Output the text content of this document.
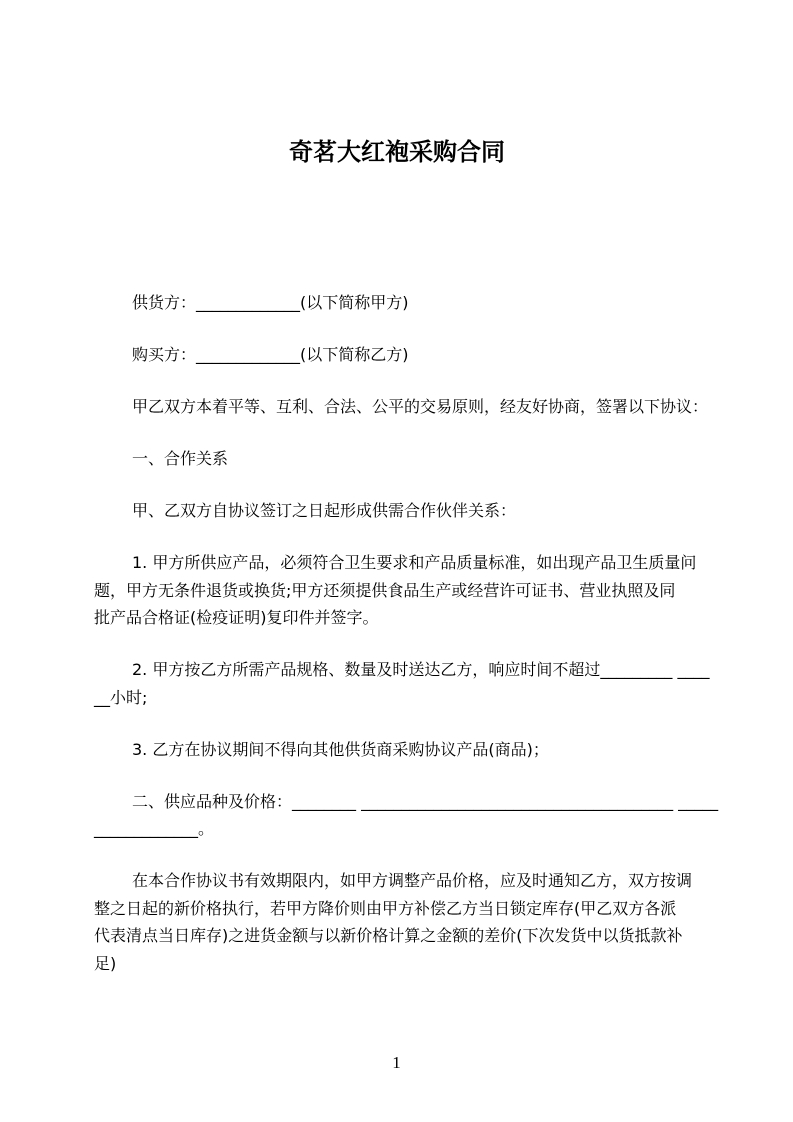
奇茗大红袍采购合同
供货方：_____________(以下简称甲方)
购买方：_____________(以下简称乙方)
甲乙双方本着平等、互利、合法、公平的交易原则，经友好协商，签署以下协议：
一、合作关系
甲、乙双方自协议签订之日起形成供需合作伙伴关系：
1. 甲方所供应产品，必须符合卫生要求和产品质量标准，如出现产品卫生质量问
题，甲方无条件退货或换货;甲方还须提供食品生产或经营许可证书、营业执照及同
批产品合格证(检疫证明)复印件并签字。
2. 甲方按乙方所需产品规格、数量及时送达乙方，响应时间不超过_________ ____
__小时;
3. 乙方在协议期间不得向其他供货商采购协议产品(商品)；
二、供应品种及价格：________ _______________________________________ _____
_____________。
在本合作协议书有效期限内，如甲方调整产品价格，应及时通知乙方，双方按调
整之日起的新价格执行，若甲方降价则由甲方补偿乙方当日锁定库存(甲乙双方各派
代表清点当日库存)之进货金额与以新价格计算之金额的差价(下次发货中以货抵款补
足)
1
